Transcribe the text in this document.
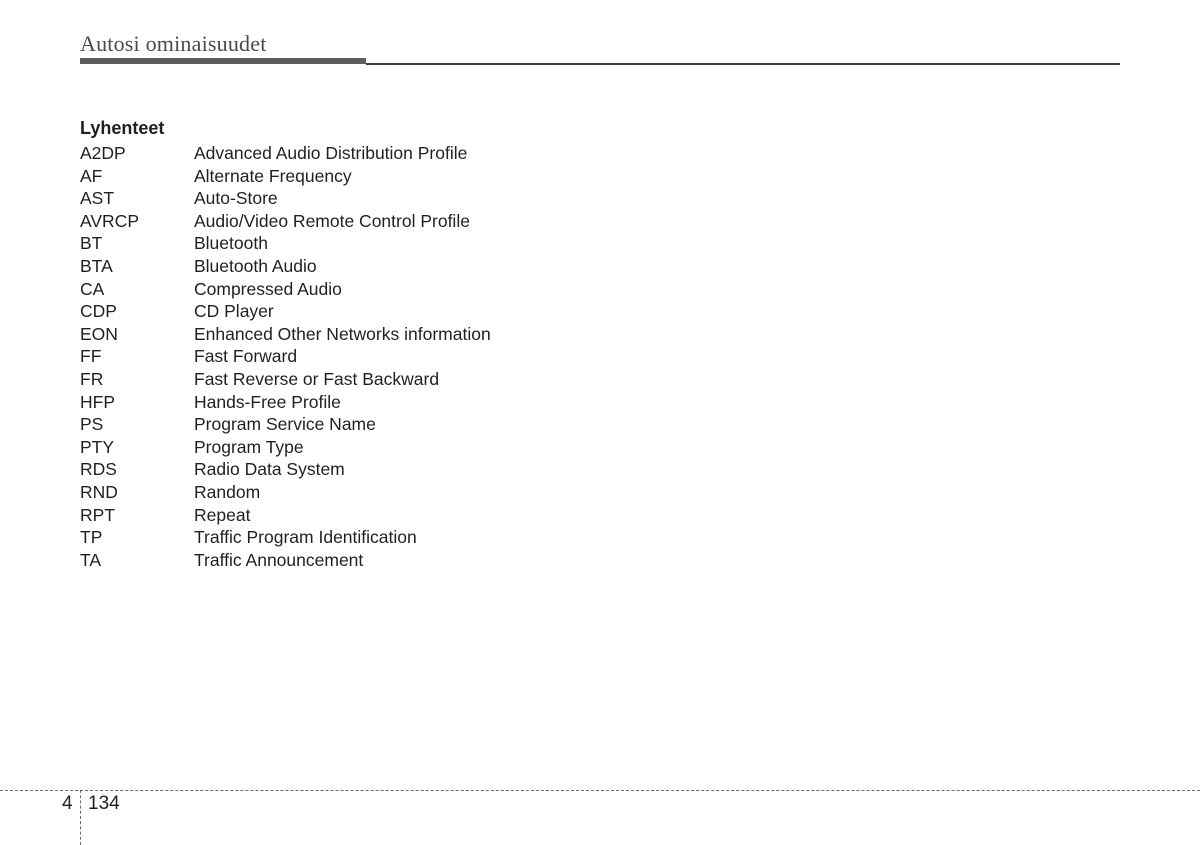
Autosi ominaisuudet
Lyhenteet
A2DP	Advanced Audio Distribution Profile
AF	Alternate Frequency
AST	Auto-Store
AVRCP	Audio/Video Remote Control Profile
BT	Bluetooth
BTA	Bluetooth Audio
CA	Compressed Audio
CDP	CD Player
EON	Enhanced Other Networks information
FF	Fast Forward
FR	Fast Reverse or Fast Backward
HFP	Hands-Free Profile
PS	Program Service Name
PTY	Program Type
RDS	Radio Data System
RND	Random
RPT	Repeat
TP	Traffic Program Identification
TA	Traffic Announcement
4 134
